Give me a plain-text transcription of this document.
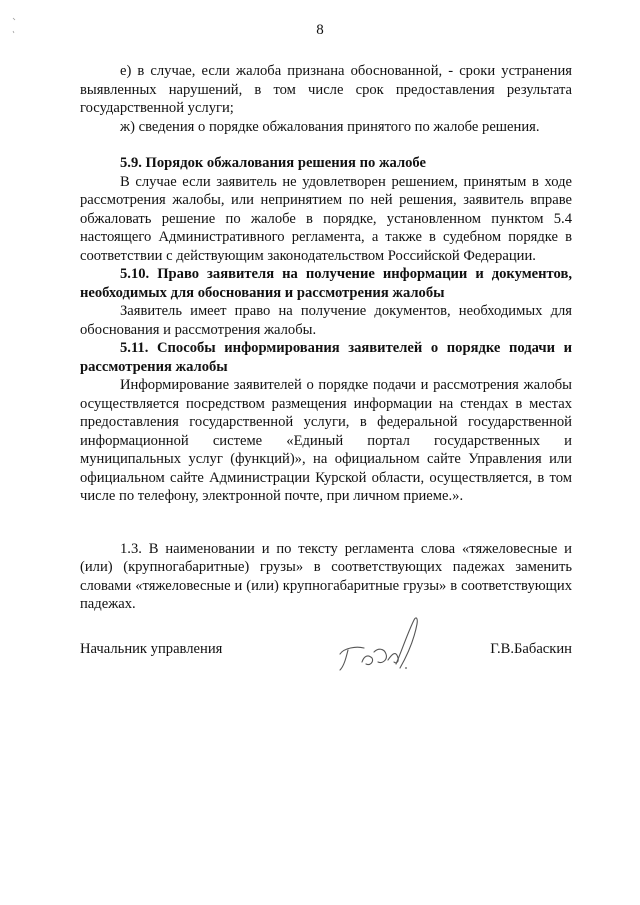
8

е) в случае, если жалоба признана обоснованной, - сроки устранения выявленных нарушений, в том числе срок предоставления результата государственной услуги;

ж) сведения о порядке обжалования принятого по жалобе решения.

5.9. Порядок обжалования решения по жалобе

В случае если заявитель не удовлетворен решением, принятым в ходе рассмотрения жалобы, или непринятием по ней решения, заявитель вправе обжаловать решение по жалобе в порядке, установленном пунктом 5.4 настоящего Административного регламента, а также в судебном порядке в соответствии с действующим законодательством Российской Федерации.

5.10. Право заявителя на получение информации и документов, необходимых для обоснования и рассмотрения жалобы

Заявитель имеет право на получение документов, необходимых для обоснования и рассмотрения жалобы.

5.11. Способы информирования заявителей о порядке подачи и рассмотрения жалобы

Информирование заявителей о порядке подачи и рассмотрения жалобы осуществляется посредством размещения информации на стендах в местах предоставления государственной услуги, в федеральной государственной информационной системе «Единый портал государственных и муниципальных услуг (функций)», на официальном сайте Управления или официальном сайте Администрации Курской области, осуществляется, в том числе по телефону, электронной почте, при личном приеме.».

1.3. В наименовании и по тексту регламента слова «тяжеловесные и (или) (крупногабаритные) грузы» в соответствующих падежах заменить словами «тяжеловесные и (или) крупногабаритные грузы» в соответствующих падежах.

Начальник управления	Г.В.Бабаскин
